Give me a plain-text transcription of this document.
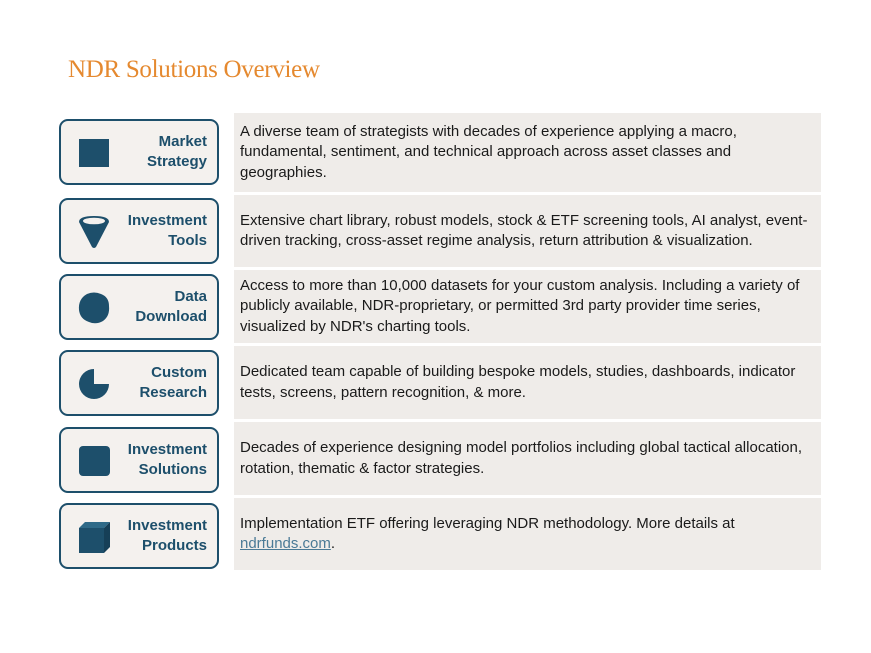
NDR Solutions Overview
Market
Strategy
A diverse team of strategists with decades of experience applying a macro, fundamental, sentiment, and technical approach across asset classes and geographies.
Investment
Tools
Extensive chart library, robust models, stock & ETF screening tools, AI analyst, event-driven tracking, cross-asset regime analysis, return attribution & visualization.
Data
Download
Access to more than 10,000 datasets for your custom analysis. Including a variety of publicly available, NDR-proprietary, or permitted 3rd party provider time series, visualized by NDR's charting tools.
Custom
Research
Dedicated team capable of building bespoke models, studies, dashboards, indicator tests, screens, pattern recognition, & more.
Investment
Solutions
Decades of experience designing model portfolios including global tactical allocation, rotation, thematic & factor strategies.
Investment
Products
Implementation ETF offering leveraging NDR methodology. More details at ndrfunds.com.
